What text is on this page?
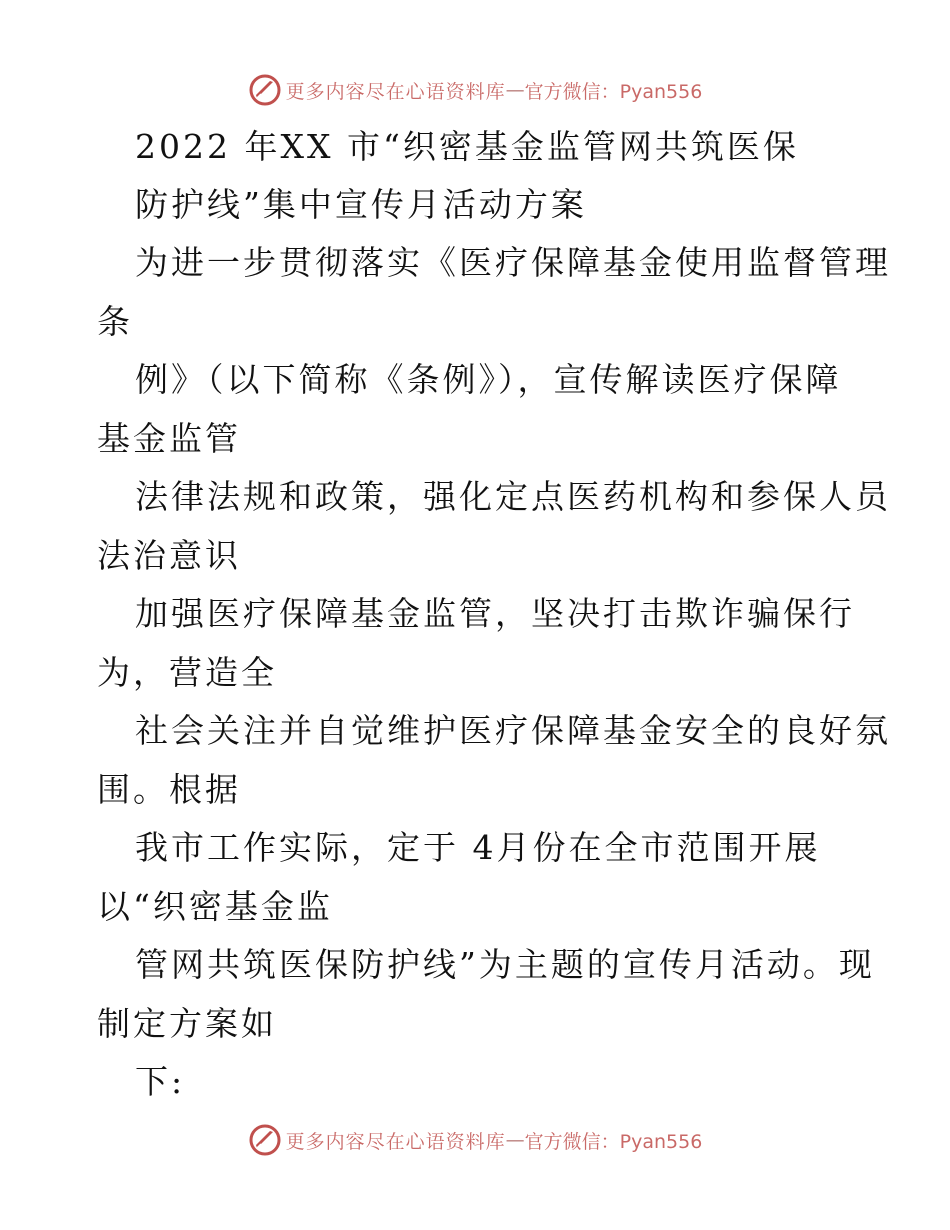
更多内容尽在心语资料库 — 官方微信：Pyan556
2022 年XX 市“织密基金监管网共筑医保
防护线”集中宣传月活动方案
为进一步贯彻落实《医疗保障基金使用监督管理
条
例》（以下简称《条例》），宣传解读医疗保障
基金监管
法律法规和政策，强化定点医药机构和参保人员
法治意识
加强医疗保障基金监管，坚决打击欺诈骗保行
为，营造全
社会关注并自觉维护医疗保障基金安全的良好氛
围。根据
我市工作实际，定于 4月份在全市范围开展
以“织密基金监
管网共筑医保防护线”为主题的宣传月活动。现
制定方案如
下:
更多内容尽在心语资料库 — 官方微信：Pyan556
